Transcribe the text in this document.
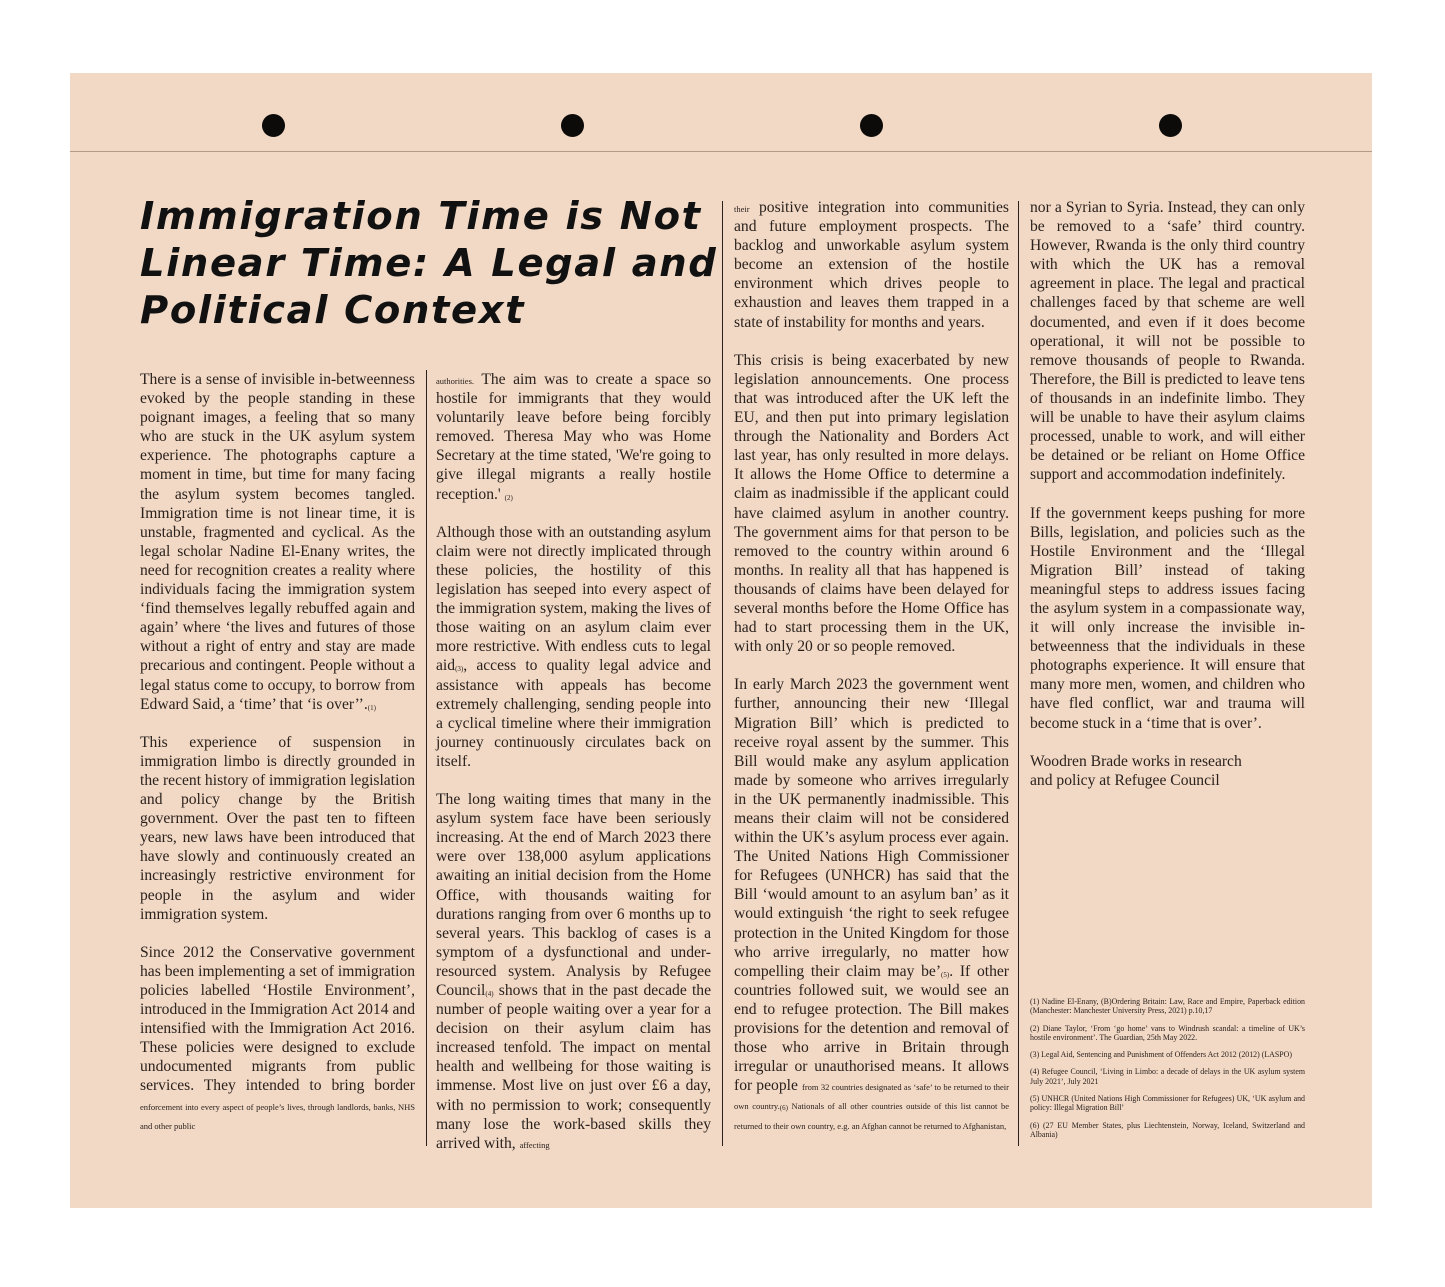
Immigration Time is Not Linear Time: A Legal and Political Context

There is a sense of invisible in-betweenness evoked by the people standing in these poignant images, a feeling that so many who are stuck in the UK asylum system experience. The photographs capture a moment in time, but time for many facing the asylum system becomes tangled. Immigration time is not linear time, it is unstable, fragmented and cyclical. As the legal scholar Nadine El-Enany writes, the need for recognition creates a reality where individuals facing the immigration system ‘find themselves legally rebuffed again and again’ where ‘the lives and futures of those without a right of entry and stay are made precarious and contingent. People without a legal status come to occupy, to borrow from Edward Said, a ‘time’ that ‘is $over’’._{(1)}$

This experience of suspension in immigration limbo is directly grounded in the recent history of immigration legislation and policy change by the British government. Over the past ten to fifteen years, new laws have been introduced that have slowly and continuously created an increasingly restrictive environment for people in the asylum and wider immigration system.

Since 2012 the Conservative government has been implementing a set of immigration policies labelled ‘Hostile Environment’, introduced in the Immigration Act 2014 and intensified with the Immigration Act 2016. These policies were designed to exclude undocumented migrants from public services. They intended to bring border enforcement into every aspect of people’s lives, through landlords, banks, NHS and other public

authorities. The aim was to create a space so hostile for immigrants that they would voluntarily leave before being forcibly removed. Theresa May who was Home Secretary at the time stated, 'We're going to give illegal migrants a really hostile reception.' $_{(2)}$

Although those with an outstanding asylum claim were not directly implicated through these policies, the hostility of this legislation has seeped into every aspect of the immigration system, making the lives of those waiting on an asylum claim ever more restrictive. With endless cuts to legal aid$_{(3)}$, access to quality legal advice and assistance with appeals has become extremely challenging, sending people into a cyclical timeline where their immigration journey continuously circulates back on itself.

The long waiting times that many in the asylum system face have been seriously increasing. At the end of March 2023 there were over 138,000 asylum applications awaiting an initial decision from the Home Office, with thousands waiting for durations ranging from over 6 months up to several years. This backlog of cases is a symptom of a dysfunctional and under-resourced system. Analysis by Refugee Council$_{(4)}$ shows that in the past decade the number of people waiting over a year for a decision on their asylum claim has increased tenfold. The impact on mental health and wellbeing for those waiting is immense. Most live on just over £6 a day, with no permission to work; consequently many lose the work-based skills they arrived with, affecting

their positive integration into communities and future employment prospects. The backlog and unworkable asylum system become an extension of the hostile environment which drives people to exhaustion and leaves them trapped in a state of instability for months and years.

This crisis is being exacerbated by new legislation announcements. One process that was introduced after the UK left the EU, and then put into primary legislation through the Nationality and Borders Act last year, has only resulted in more delays. It allows the Home Office to determine a claim as inadmissible if the applicant could have claimed asylum in another country. The government aims for that person to be removed to the country within around 6 months. In reality all that has happened is thousands of claims have been delayed for several months before the Home Office has had to start processing them in the UK, with only 20 or so people removed.

In early March 2023 the government went further, announcing their new ‘Illegal Migration Bill’ which is predicted to receive royal assent by the summer. This Bill would make any asylum application made by someone who arrives irregularly in the UK permanently inadmissible. This means their claim will not be considered within the UK’s asylum process ever again. The United Nations High Commissioner for Refugees (UNHCR) has said that the Bill ‘would amount to an asylum ban’ as it would extinguish ‘the right to seek refugee protection in the United Kingdom for those who arrive irregularly, no matter how compelling their claim may $be’_{(5)}$. If other countries followed suit, we would see an end to refugee protection. The Bill makes provisions for the detention and removal of those who arrive in Britain through irregular or unauthorised means. It allows for people from 32 countries designated as ‘safe’ to be returned to their own $country._{(6)}$ Nationals of all other countries outside of this list cannot be returned to their own country, e.g. an Afghan cannot be returned to Afghanistan,

nor a Syrian to Syria. Instead, they can only be removed to a ‘safe’ third country. However, Rwanda is the only third country with which the UK has a removal agreement in place. The legal and practical challenges faced by that scheme are well documented, and even if it does become operational, it will not be possible to remove thousands of people to Rwanda. Therefore, the Bill is predicted to leave tens of thousands in an indefinite limbo. They will be unable to have their asylum claims processed, unable to work, and will either be detained or be reliant on Home Office support and accommodation indefinitely.

If the government keeps pushing for more Bills, legislation, and policies such as the Hostile Environment and the ‘Illegal Migration Bill’ instead of taking meaningful steps to address issues facing the asylum system in a compassionate way, it will only increase the invisible in-betweenness that the individuals in these photographs experience. It will ensure that many more men, women, and children who have fled conflict, war and trauma will become stuck in a ‘time that is over’.

Woodren Brade works in research
and policy at Refugee Council

(1) Nadine El-Enany, (B)Ordering Britain: Law, Race and Empire, Paperback edition (Manchester: Manchester University Press, 2021) p.10,17

(2) Diane Taylor, ‘From ‘go home’ vans to Windrush scandal: a timeline of UK’s hostile environment’. The Guardian, 25th May 2022.

(3) Legal Aid, Sentencing and Punishment of Offenders Act 2012 (2012) (LASPO)

(4) Refugee Council, ‘Living in Limbo: a decade of delays in the UK asylum system July 2021’, July 2021

(5) UNHCR (United Nations High Commissioner for Refugees) UK, ‘UK asylum and policy: Illegal Migration Bill’

(6) (27 EU Member States, plus Liechtenstein, Norway, Iceland, Switzerland and Albania)
